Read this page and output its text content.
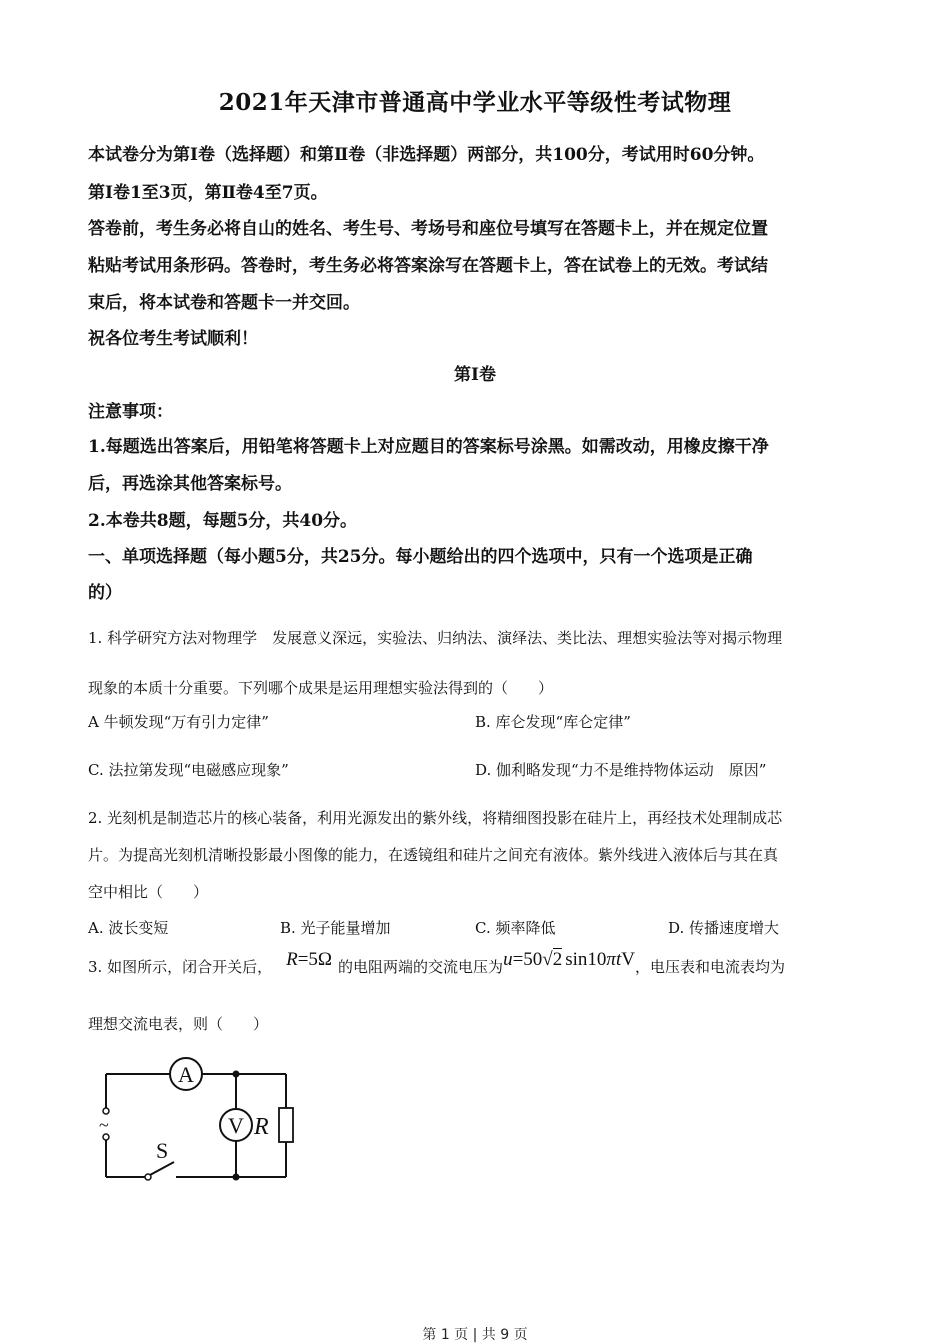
2021年天津市普通高中学业水平等级性考试物理
本试卷分为第Ⅰ卷（选择题）和第Ⅱ卷（非选择题）两部分，共100分，考试用时60分钟。
第Ⅰ卷1至3页，第Ⅱ卷4至7页。
答卷前，考生务必将自山的姓名、考生号、考场号和座位号填写在答题卡上，并在规定位置
粘贴考试用条形码。答卷时，考生务必将答案涂写在答题卡上，答在试卷上的无效。考试结
束后，将本试卷和答题卡一并交回。
祝各位考生考试顺利！
第Ⅰ卷
注意事项：
1.每题选出答案后，用铅笔将答题卡上对应题目的答案标号涂黑。如需改动，用橡皮擦干净
后，再选涂其他答案标号。
2.本卷共8题，每题5分，共40分。
一、单项选择题（每小题5分，共25分。每小题给出的四个选项中，只有一个选项是正确
的）
1. 科学研究方法对物理学　发展意义深远，实验法、归纳法、演绎法、类比法、理想实验法等对揭示物理
现象的本质十分重要。下列哪个成果是运用理想实验法得到的（　　）
A 牛顿发现“万有引力定律”	B. 库仑发现“库仑定律”
C. 法拉第发现“电磁感应现象”	D. 伽利略发现“力不是维持物体运动　原因”
2. 光刻机是制造芯片的核心装备，利用光源发出的紫外线，将精细图投影在硅片上，再经技术处理制成芯
片。为提高光刻机清晰投影最小图像的能力，在透镜组和硅片之间充有液体。紫外线进入液体后与其在真
空中相比（　　）
A. 波长变短	B. 光子能量增加	C. 频率降低	D. 传播速度增大
3. 如图所示，闭合开关后， R=5Ω 的电阻两端的交流电压为 u=50√2 sin10πtV ，电压表和电流表均为
理想交流电表，则（　　）
A
V R
S
~
第 1 页 | 共 9 页
